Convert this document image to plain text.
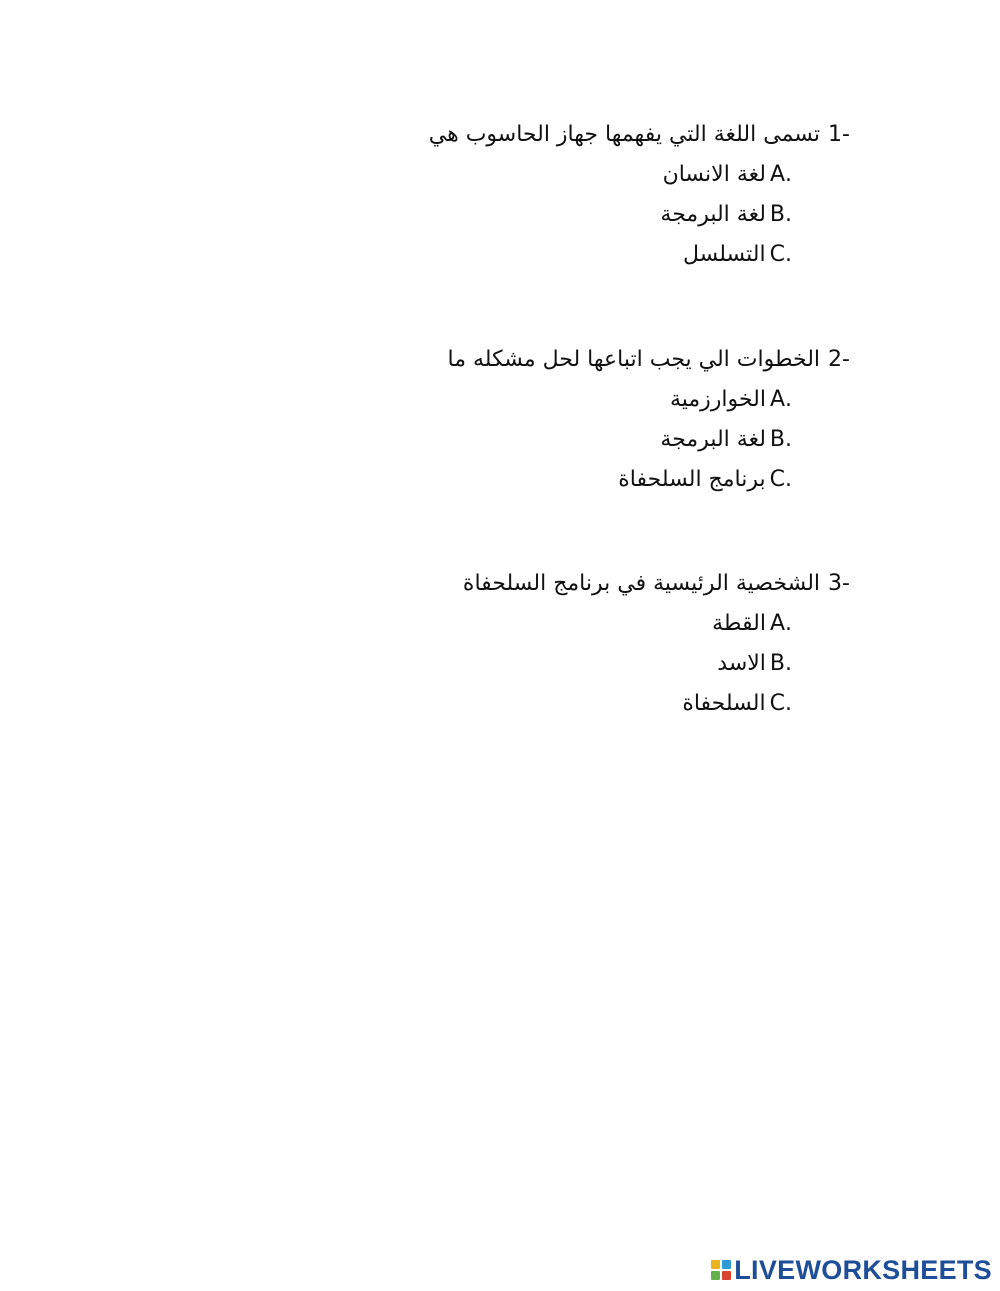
-1تسمى اللغة التي يفهمها جهاز الحاسوب هي
.Aلغة الانسان
.Bلغة البرمجة
.Cالتسلسل
-2الخطوات الي يجب اتباعها لحل مشكله ما
.Aالخوارزمية
.Bلغة البرمجة
.Cبرنامج السلحفاة
-3الشخصية الرئيسية في برنامج السلحفاة
.Aالقطة
.Bالاسد
.Cالسلحفاة
LIVEWORKSHEETS
